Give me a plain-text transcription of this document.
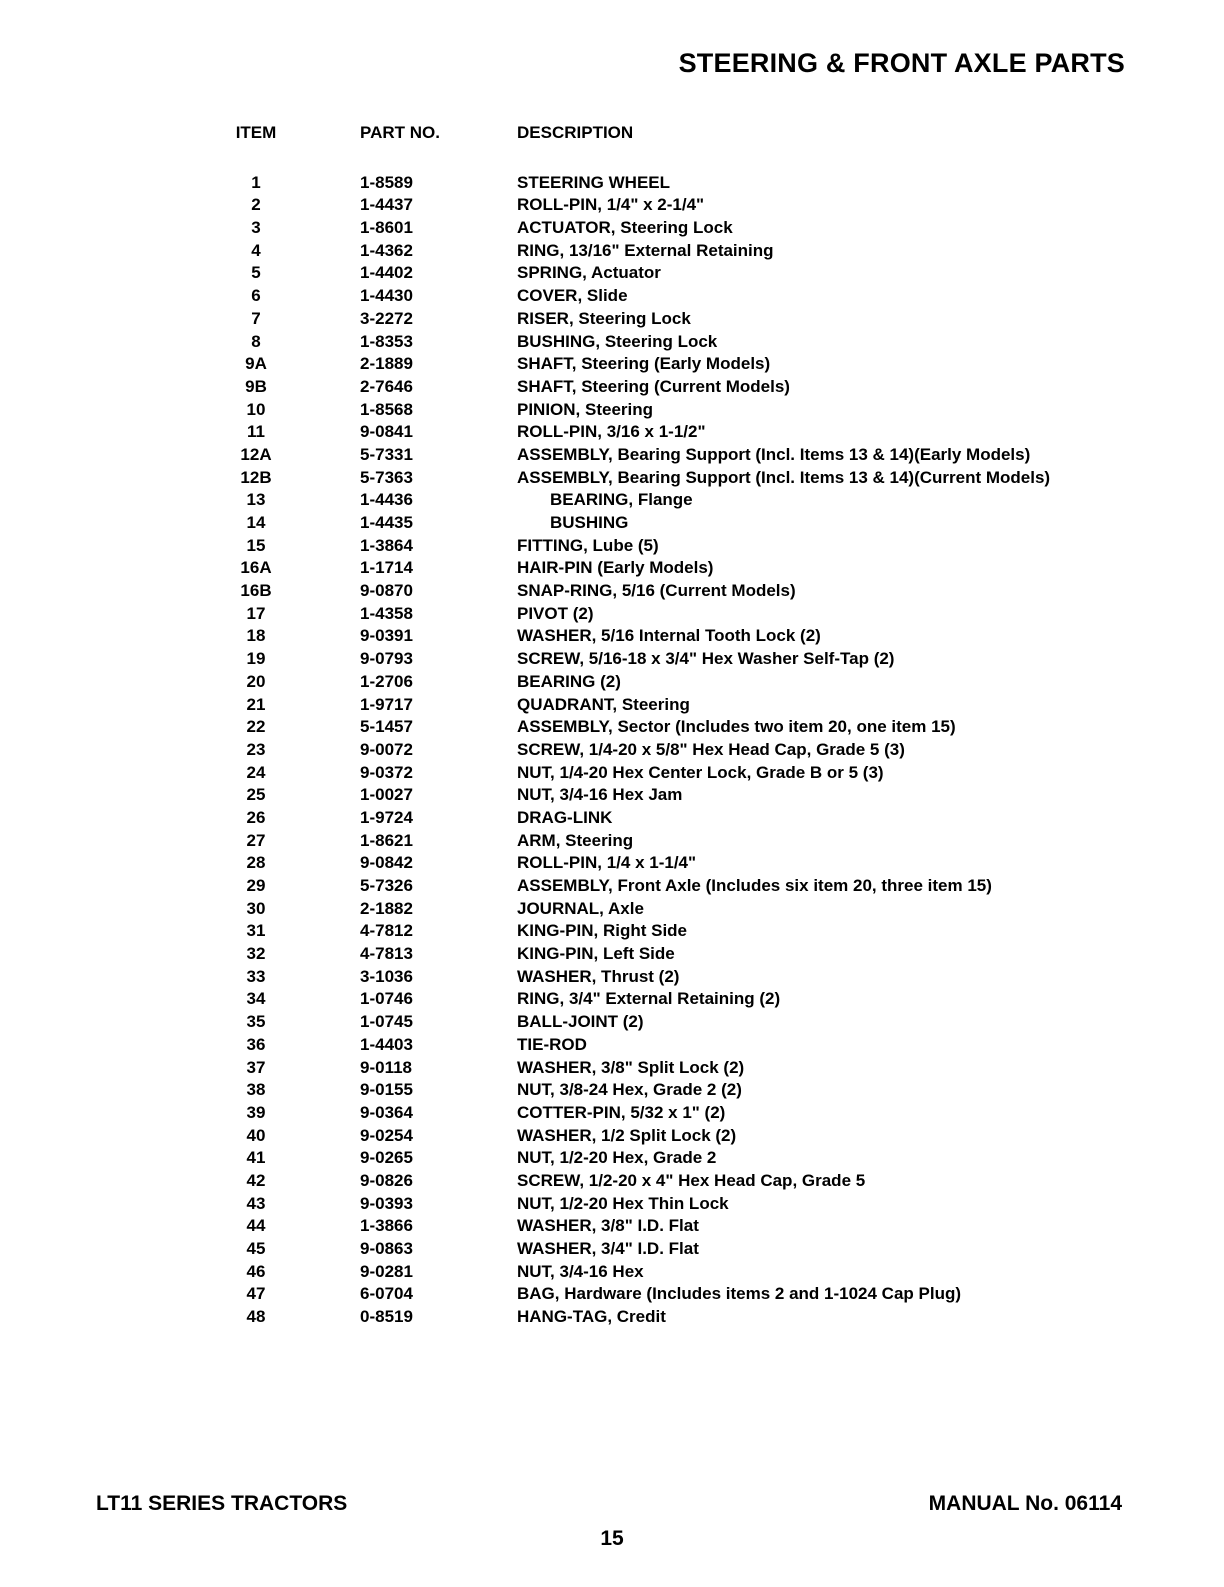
STEERING & FRONT AXLE PARTS
ITEM	PART NO.	DESCRIPTION
1	1-8589	STEERING WHEEL
2	1-4437	ROLL-PIN, 1/4" x 2-1/4"
3	1-8601	ACTUATOR, Steering Lock
4	1-4362	RING, 13/16" External Retaining
5	1-4402	SPRING, Actuator
6	1-4430	COVER, Slide
7	3-2272	RISER, Steering Lock
8	1-8353	BUSHING, Steering Lock
9A	2-1889	SHAFT, Steering (Early Models)
9B	2-7646	SHAFT, Steering (Current Models)
10	1-8568	PINION, Steering
11	9-0841	ROLL-PIN, 3/16 x 1-1/2"
12A	5-7331	ASSEMBLY, Bearing Support (Incl. Items 13 & 14)(Early Models)
12B	5-7363	ASSEMBLY, Bearing Support (Incl. Items 13 & 14)(Current Models)
13	1-4436	BEARING, Flange
14	1-4435	BUSHING
15	1-3864	FITTING, Lube (5)
16A	1-1714	HAIR-PIN (Early Models)
16B	9-0870	SNAP-RING, 5/16 (Current Models)
17	1-4358	PIVOT (2)
18	9-0391	WASHER, 5/16 Internal Tooth Lock (2)
19	9-0793	SCREW, 5/16-18 x 3/4" Hex Washer Self-Tap (2)
20	1-2706	BEARING (2)
21	1-9717	QUADRANT, Steering
22	5-1457	ASSEMBLY, Sector (Includes two item 20, one item 15)
23	9-0072	SCREW, 1/4-20 x 5/8" Hex Head Cap, Grade 5 (3)
24	9-0372	NUT, 1/4-20 Hex Center Lock, Grade B or 5 (3)
25	1-0027	NUT, 3/4-16 Hex Jam
26	1-9724	DRAG-LINK
27	1-8621	ARM, Steering
28	9-0842	ROLL-PIN, 1/4 x 1-1/4"
29	5-7326	ASSEMBLY, Front Axle (Includes six item 20, three item 15)
30	2-1882	JOURNAL, Axle
31	4-7812	KING-PIN, Right Side
32	4-7813	KING-PIN, Left Side
33	3-1036	WASHER, Thrust (2)
34	1-0746	RING, 3/4" External Retaining (2)
35	1-0745	BALL-JOINT (2)
36	1-4403	TIE-ROD
37	9-0118	WASHER, 3/8" Split Lock (2)
38	9-0155	NUT, 3/8-24 Hex, Grade 2 (2)
39	9-0364	COTTER-PIN, 5/32 x 1" (2)
40	9-0254	WASHER, 1/2 Split Lock (2)
41	9-0265	NUT, 1/2-20 Hex, Grade 2
42	9-0826	SCREW, 1/2-20 x 4" Hex Head Cap, Grade 5
43	9-0393	NUT, 1/2-20 Hex Thin Lock
44	1-3866	WASHER, 3/8" I.D. Flat
45	9-0863	WASHER, 3/4" I.D. Flat
46	9-0281	NUT, 3/4-16 Hex
47	6-0704	BAG, Hardware (Includes items 2 and 1-1024 Cap Plug)
48	0-8519	HANG-TAG, Credit
LT11 SERIES TRACTORS	MANUAL No. 06114
15
